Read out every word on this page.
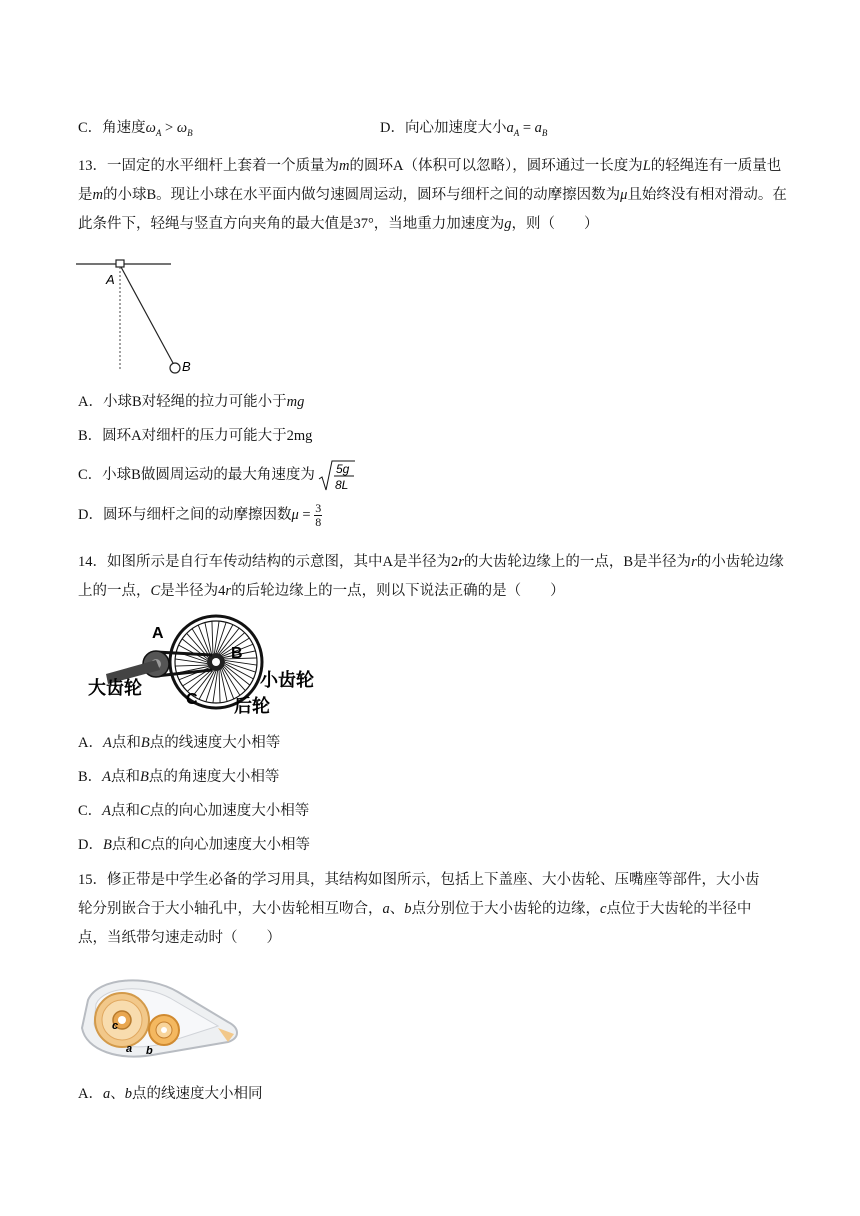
C．角速度$\omega_A > \omega_B$	D．向心加速度大小$a_A = a_B$
13．一固定的水平细杆上套着一个质量为m的圆环A（体积可以忽略），圆环通过一长度为L的轻绳连有一质量也是m的小球B。现让小球在水平面内做匀速圆周运动，圆环与细杆之间的动摩擦因数为μ且始终没有相对滑动。在此条件下，轻绳与竖直方向夹角的最大值是37°，当地重力加速度为g，则（　　）
A
B
A．小球B对轻绳的拉力可能小于mg
B．圆环A对细杆的压力可能大于2mg
C．小球B做圆周运动的最大角速度为 5g
8L
D．圆环与细杆之间的动摩擦因数$\mu = \frac{3}{8}$
14．如图所示是自行车传动结构的示意图，其中A是半径为2r的大齿轮边缘上的一点，B是半径为r的小齿轮边缘上的一点，C是半径为4r的后轮边缘上的一点，则以下说法正确的是（　　）
A
B
C
大齿轮	小齿轮
后轮
A．A点和B点的线速度大小相等
B．A点和B点的角速度大小相等
C．A点和C点的向心加速度大小相等
D．B点和C点的向心加速度大小相等
15．修正带是中学生必备的学习用具，其结构如图所示，包括上下盖座、大小齿轮、压嘴座等部件，大小齿轮分别嵌合于大小轴孔中，大小齿轮相互吻合，a、b点分别位于大小齿轮的边缘，c点位于大齿轮的半径中点，当纸带匀速走动时（　　）
c
a b
A．a、b点的线速度大小相同
